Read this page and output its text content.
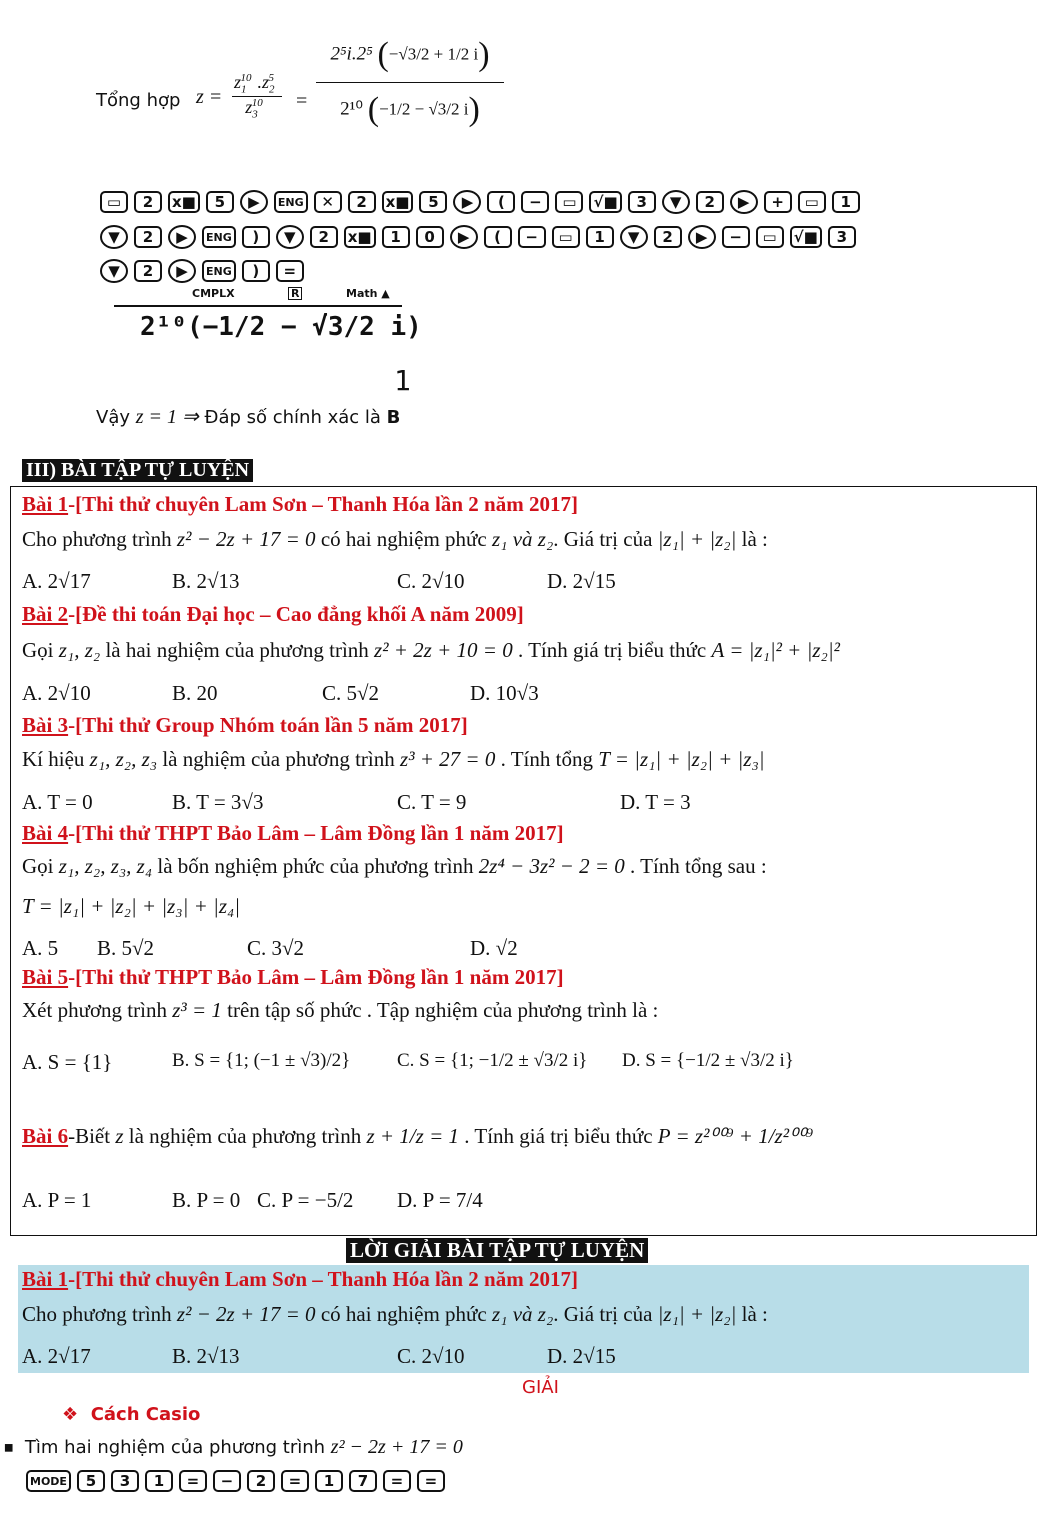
Tổng hợp z =
$z_1^{10}$ $.z_2^5$
$z_3^{10}$	=
2⁵i.2⁵ (−√3/2 + 1/2 i)
2¹⁰ (−1/2 − √3/2 i)
▭	2	x■	5	▶	ENG	✕	2	x■	5	▶	(	−	▭	√■	3	▼	2	▶	+	▭	1
▼	2	▶	ENG	)	▼	2	x■	1	0	▶	(	−	▭	1	▼	2	▶	−	▭	√■	3
▼	2	▶	ENG	)	=
CMPLX	R	Math ▲
2¹⁰(−1/2 − √3/2 i)
1
Vậy z = 1 ⇒ Đáp số chính xác là B
III) BÀI TẬP TỰ LUYỆN
Bài 1-[Thi thử chuyên Lam Sơn – Thanh Hóa lần 2 năm 2017]
Cho phương trình z² − 2z + 17 = 0 có hai nghiệm phức z₁ và z₂. Giá trị của |z₁| + |z₂| là :
A. 2√17	B. 2√13	C. 2√10	D. 2√15
Bài 2-[Đề thi toán Đại học – Cao đẳng khối A năm 2009]
Gọi z₁, z₂ là hai nghiệm của phương trình z² + 2z + 10 = 0 . Tính giá trị biểu thức A = |z₁|² + |z₂|²
A. 2√10	B. 20	C. 5√2	D. 10√3
Bài 3-[Thi thử Group Nhóm toán lần 5 năm 2017]
Kí hiệu z₁, z₂, z₃ là nghiệm của phương trình z³ + 27 = 0 . Tính tổng T = |z₁| + |z₂| + |z₃|
A. T = 0	B. T = 3√3	C. T = 9	D. T = 3
Bài 4-[Thi thử THPT Bảo Lâm – Lâm Đồng lần 1 năm 2017]
Gọi z₁, z₂, z₃, z₄ là bốn nghiệm phức của phương trình 2z⁴ − 3z² − 2 = 0 . Tính tổng sau :
T = |z₁| + |z₂| + |z₃| + |z₄|
A. 5 B. 5√2	C. 3√2	D. √2
Bài 5-[Thi thử THPT Bảo Lâm – Lâm Đồng lần 1 năm 2017]
Xét phương trình z³ = 1 trên tập số phức . Tập nghiệm của phương trình là :
A. S = {1}	B. S = {1; (−1 ± √3)/2} C. S = {1; −1/2 ± √3/2 i} D. S = {−1/2 ± √3/2 i}
Bài 6-Biết z là nghiệm của phương trình z + 1/z = 1 . Tính giá trị biểu thức P = z²⁰⁰⁹ + 1/z²⁰⁰⁹
A. P = 1	B. P = 0 C. P = −5/2 D. P = 7/4
LỜI GIẢI BÀI TẬP TỰ LUYỆN
Bài 1-[Thi thử chuyên Lam Sơn – Thanh Hóa lần 2 năm 2017]
Cho phương trình z² − 2z + 17 = 0 có hai nghiệm phức z₁ và z₂. Giá trị của |z₁| + |z₂| là :
A. 2√17	B. 2√13	C. 2√10	D. 2√15
GIẢI
❖ Cách Casio
■ Tìm hai nghiệm của phương trình z² − 2z + 17 = 0
MODE	5	3	1	=	−	2	=	1	7	=	=
